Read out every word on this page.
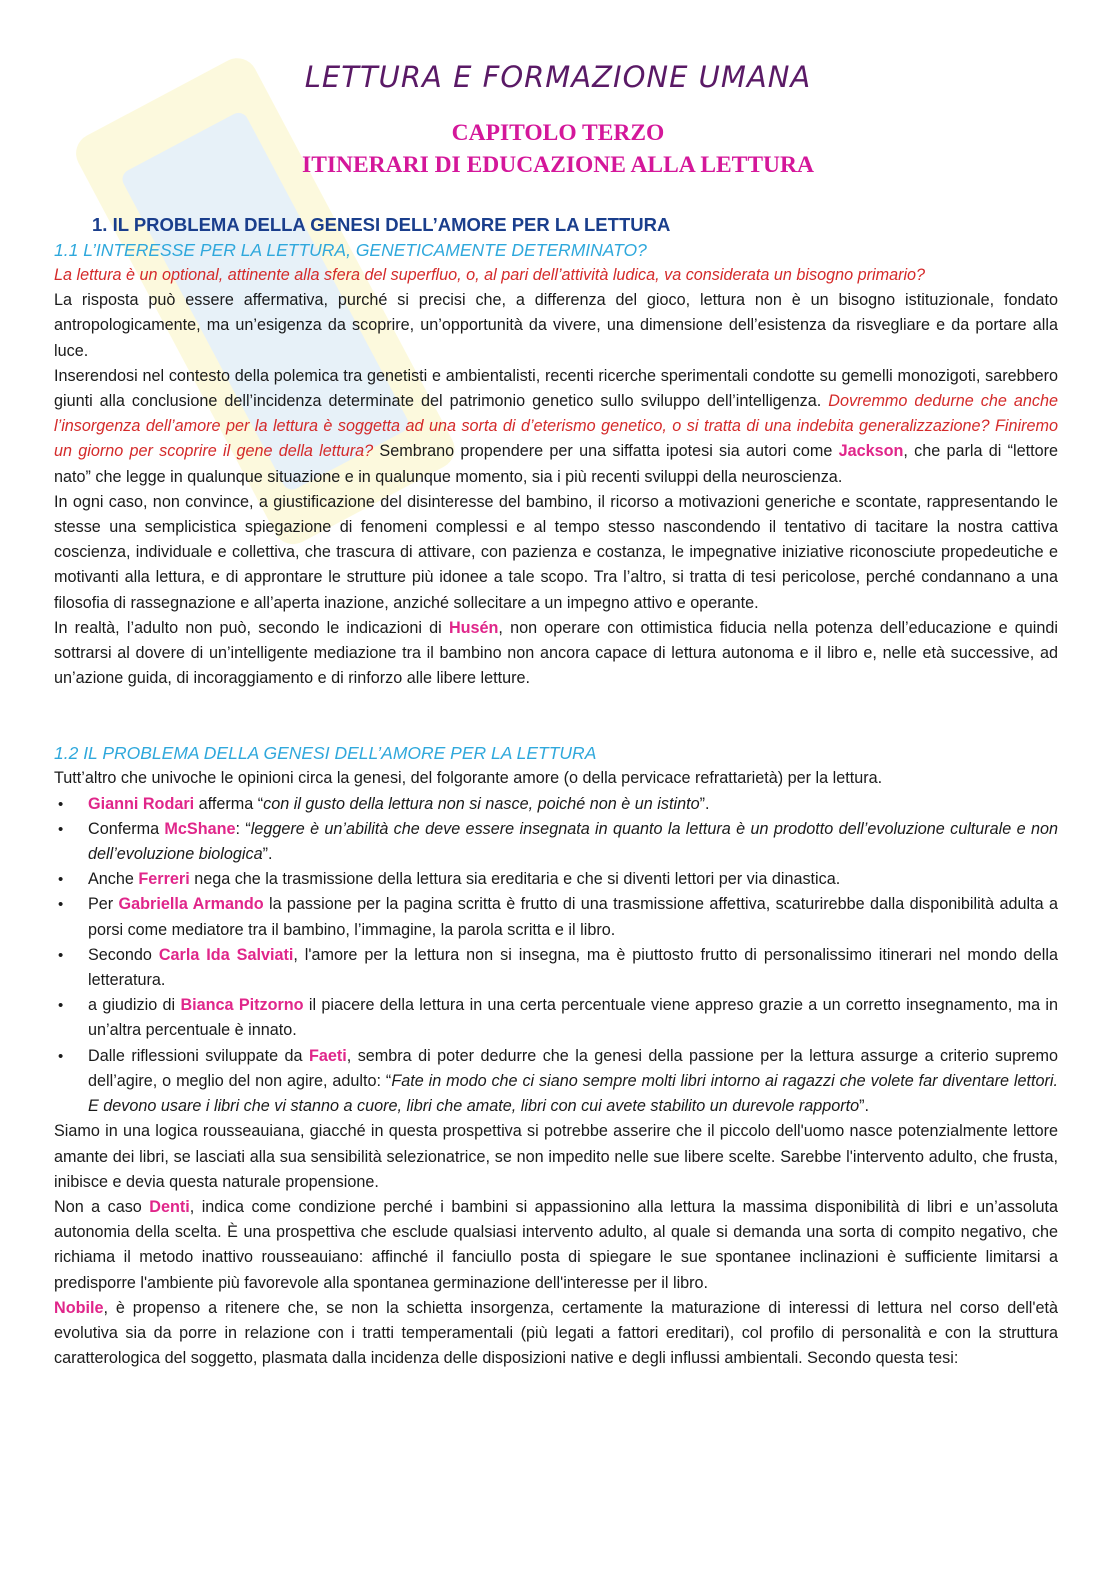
LETTURA E FORMAZIONE UMANA
CAPITOLO TERZO
ITINERARI DI EDUCAZIONE ALLA LETTURA

1. IL PROBLEMA DELLA GENESI DELL’AMORE PER LA LETTURA

1.1 L’INTERESSE PER LA LETTURA, GENETICAMENTE DETERMINATO?

La lettura è un optional, attinente alla sfera del superfluo, o, al pari dell’attività ludica, va considerata un bisogno primario?

La risposta può essere affermativa, purché si precisi che, a differenza del gioco, lettura non è un bisogno istituzionale, fondato antropologicamente, ma un’esigenza da scoprire, un’opportunità da vivere, una dimensione dell’esistenza da risvegliare e da portare alla luce.

Inserendosi nel contesto della polemica tra genetisti e ambientalisti, recenti ricerche sperimentali condotte su gemelli monozigoti, sarebbero giunti alla conclusione dell’incidenza determinate del patrimonio genetico sullo sviluppo dell’intelligenza. Dovremmo dedurne che anche l’insorgenza dell’amore per la lettura è soggetta ad una sorta di d’eterismo genetico, o si tratta di una indebita generalizzazione? Finiremo un giorno per scoprire il gene della lettura? Sembrano propendere per una siffatta ipotesi sia autori come Jackson, che parla di “lettore nato” che legge in qualunque situazione e in qualunque momento, sia i più recenti sviluppi della neuroscienza.

In ogni caso, non convince, a giustificazione del disinteresse del bambino, il ricorso a motivazioni generiche e scontate, rappresentando le stesse una semplicistica spiegazione di fenomeni complessi e al tempo stesso nascondendo il tentativo di tacitare la nostra cattiva coscienza, individuale e collettiva, che trascura di attivare, con pazienza e costanza, le impegnative iniziative riconosciute propedeutiche e motivanti alla lettura, e di approntare le strutture più idonee a tale scopo. Tra l’altro, si tratta di tesi pericolose, perché condannano a una filosofia di rassegnazione e all’aperta inazione, anziché sollecitare a un impegno attivo e operante.

In realtà, l’adulto non può, secondo le indicazioni di Husén, non operare con ottimistica fiducia nella potenza dell’educazione e quindi sottrarsi al dovere di un’intelligente mediazione tra il bambino non ancora capace di lettura autonoma e il libro e, nelle età successive, ad un’azione guida, di incoraggiamento e di rinforzo alle libere letture.

1.2 IL PROBLEMA DELLA GENESI DELL’AMORE PER LA LETTURA

Tutt’altro che univoche le opinioni circa la genesi, del folgorante amore (o della pervicace refrattarietà) per la lettura.

• Gianni Rodari afferma “con il gusto della lettura non si nasce, poiché non è un istinto”.
• Conferma McShane: “leggere è un’abilità che deve essere insegnata in quanto la lettura è un prodotto dell’evoluzione culturale e non dell’evoluzione biologica”.
• Anche Ferreri nega che la trasmissione della lettura sia ereditaria e che si diventi lettori per via dinastica.
• Per Gabriella Armando la passione per la pagina scritta è frutto di una trasmissione affettiva, scaturirebbe dalla disponibilità adulta a porsi come mediatore tra il bambino, l’immagine, la parola scritta e il libro.
• Secondo Carla Ida Salviati, l'amore per la lettura non si insegna, ma è piuttosto frutto di personalissimo itinerari nel mondo della letteratura.
• a giudizio di Bianca Pitzorno il piacere della lettura in una certa percentuale viene appreso grazie a un corretto insegnamento, ma in un’altra percentuale è innato.
• Dalle riflessioni sviluppate da Faeti, sembra di poter dedurre che la genesi della passione per la lettura assurge a criterio supremo dell’agire, o meglio del non agire, adulto: “Fate in modo che ci siano sempre molti libri intorno ai ragazzi che volete far diventare lettori. E devono usare i libri che vi stanno a cuore, libri che amate, libri con cui avete stabilito un durevole rapporto”.

Siamo in una logica rousseauiana, giacché in questa prospettiva si potrebbe asserire che il piccolo dell'uomo nasce potenzialmente lettore amante dei libri, se lasciati alla sua sensibilità selezionatrice, se non impedito nelle sue libere scelte. Sarebbe l'intervento adulto, che frusta, inibisce e devia questa naturale propensione.

Non a caso Denti, indica come condizione perché i bambini si appassionino alla lettura la massima disponibilità di libri e un’assoluta autonomia della scelta. È una prospettiva che esclude qualsiasi intervento adulto, al quale si demanda una sorta di compito negativo, che richiama il metodo inattivo rousseauiano: affinché il fanciullo posta di spiegare le sue spontanee inclinazioni è sufficiente limitarsi a predisporre l'ambiente più favorevole alla spontanea germinazione dell'interesse per il libro.

Nobile, è propenso a ritenere che, se non la schietta insorgenza, certamente la maturazione di interessi di lettura nel corso dell'età evolutiva sia da porre in relazione con i tratti temperamentali (più legati a fattori ereditari), col profilo di personalità e con la struttura caratterologica del soggetto, plasmata dalla incidenza delle disposizioni native e degli influssi ambientali. Secondo questa tesi:
